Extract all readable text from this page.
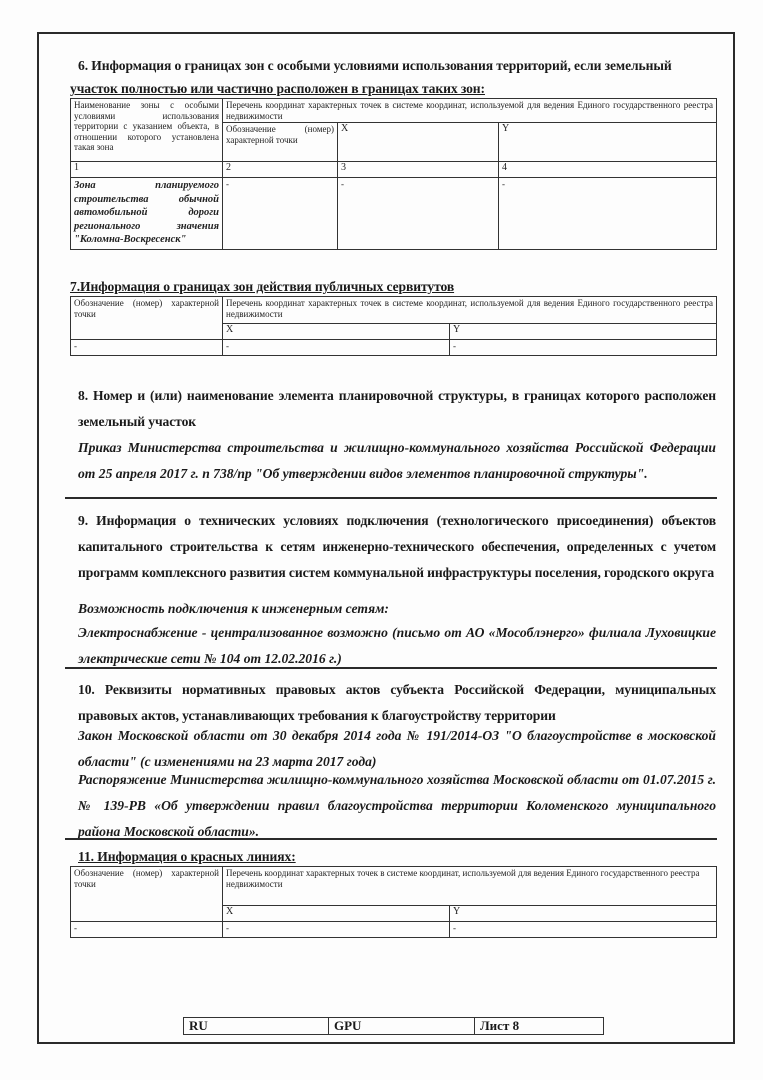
6. Информация о границах зон с особыми условиями использования территорий, если земельный
участок полностью или частично расположен в границах таких зон:
Наименование зоны с особыми условиями использования территории с указанием объекта, в отношении которого установлена такая зона	Перечень координат характерных точек в системе координат, используемой для ведения Единого государственного реестра недвижимости		
	Обозначение (номер) характерной точки	X	Y
1	2	3	4
Зона планируемого строительства обычной автомобильной дороги регионального значения "Коломна-Воскресенск"	-	-	-
7.Информация о границах зон действия публичных сервитутов
Обозначение (номер) характерной точки	Перечень координат характерных точек в системе координат, используемой для ведения Единого государственного реестра недвижимости	
	X	Y
-	-	-
8. Номер и (или) наименование элемента планировочной структуры, в границах которого расположен земельный участок
Приказ Министерства строительства и жилищно-коммунального хозяйства Российской Федерации от 25 апреля 2017 г. п 738/пр "Об утверждении видов элементов планировочной структуры".
9. Информация о технических условиях подключения (технологического присоединения) объектов капитального строительства к сетям инженерно-технического обеспечения, определенных с учетом программ комплексного развития систем коммунальной инфраструктуры поселения, городского округа
Возможность подключения к инженерным сетям:
Электроснабжение - централизованное возможно (письмо от АО «Мособлэнерго» филиала Луховицкие электрические сети № 104 от 12.02.2016 г.)
10. Реквизиты нормативных правовых актов субъекта Российской Федерации, муниципальных правовых актов, устанавливающих требования к благоустройству территории
Закон Московской области от 30 декабря 2014 года № 191/2014-ОЗ "О благоустройстве в московской области" (с изменениями на 23 марта 2017 года)
Распоряжение Министерства жилищно-коммунального хозяйства Московской области от 01.07.2015 г. № 139-РВ «Об утверждении правил благоустройства территории Коломенского муниципального района Московской области».
11. Информация о красных линиях:
Обозначение (номер) характерной точки	Перечень координат характерных точек в системе координат, используемой для ведения Единого государственного реестра
недвижимости	
	X	Y
-	-	-
RU	GPU	Лист 8
